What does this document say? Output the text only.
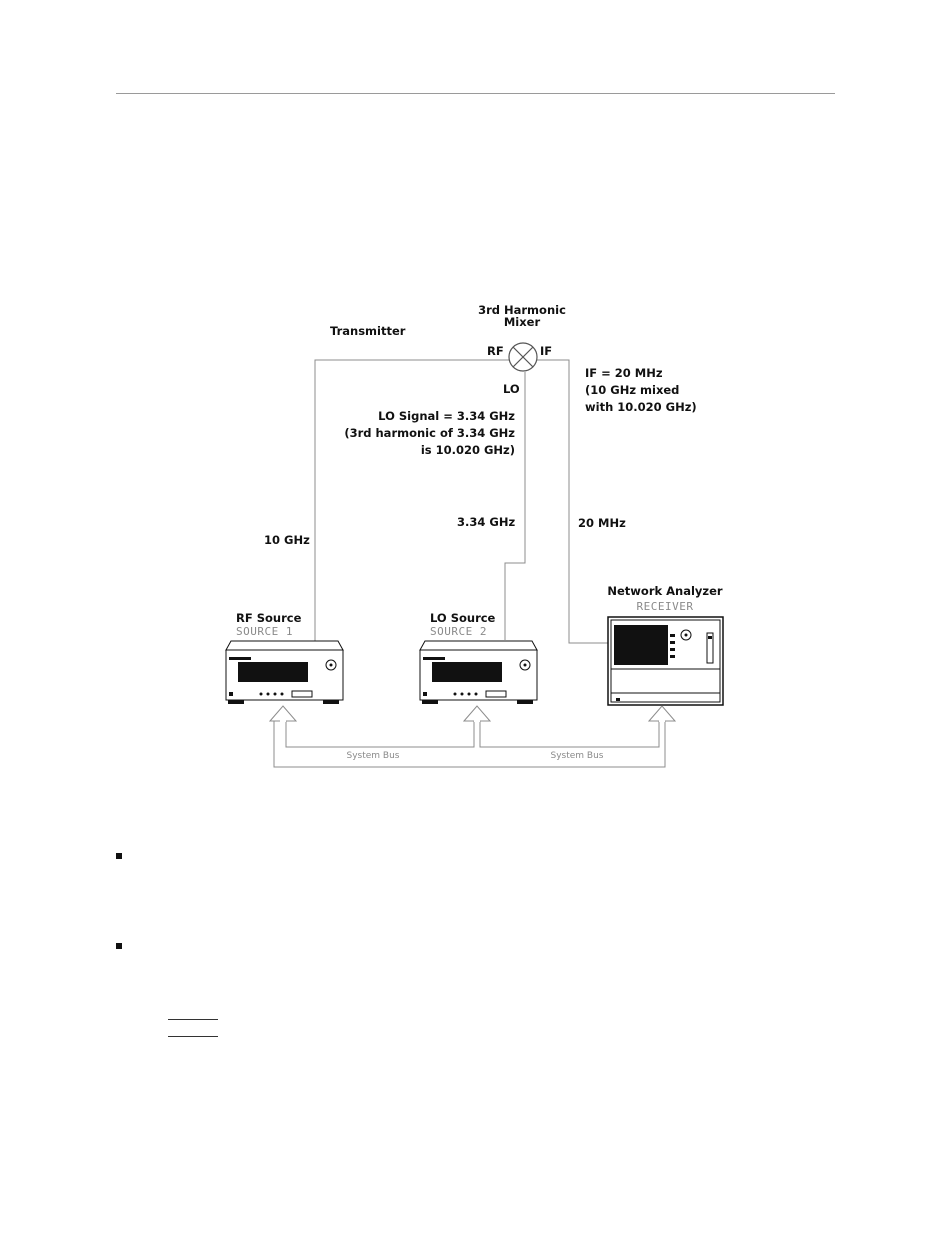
Transmitter
3rd Harmonic
Mixer
RF	IF
LO
IF = 20 MHz
(10 GHz mixed
with 10.020 GHz)
LO Signal = 3.34 GHz
(3rd harmonic of 3.34 GHz
is 10.020 GHz)
10 GHz
3.34 GHz	20 MHz
RF Source
SOURCE 1
LO Source
SOURCE 2
Network Analyzer
RECEIVER
System Bus	System Bus
